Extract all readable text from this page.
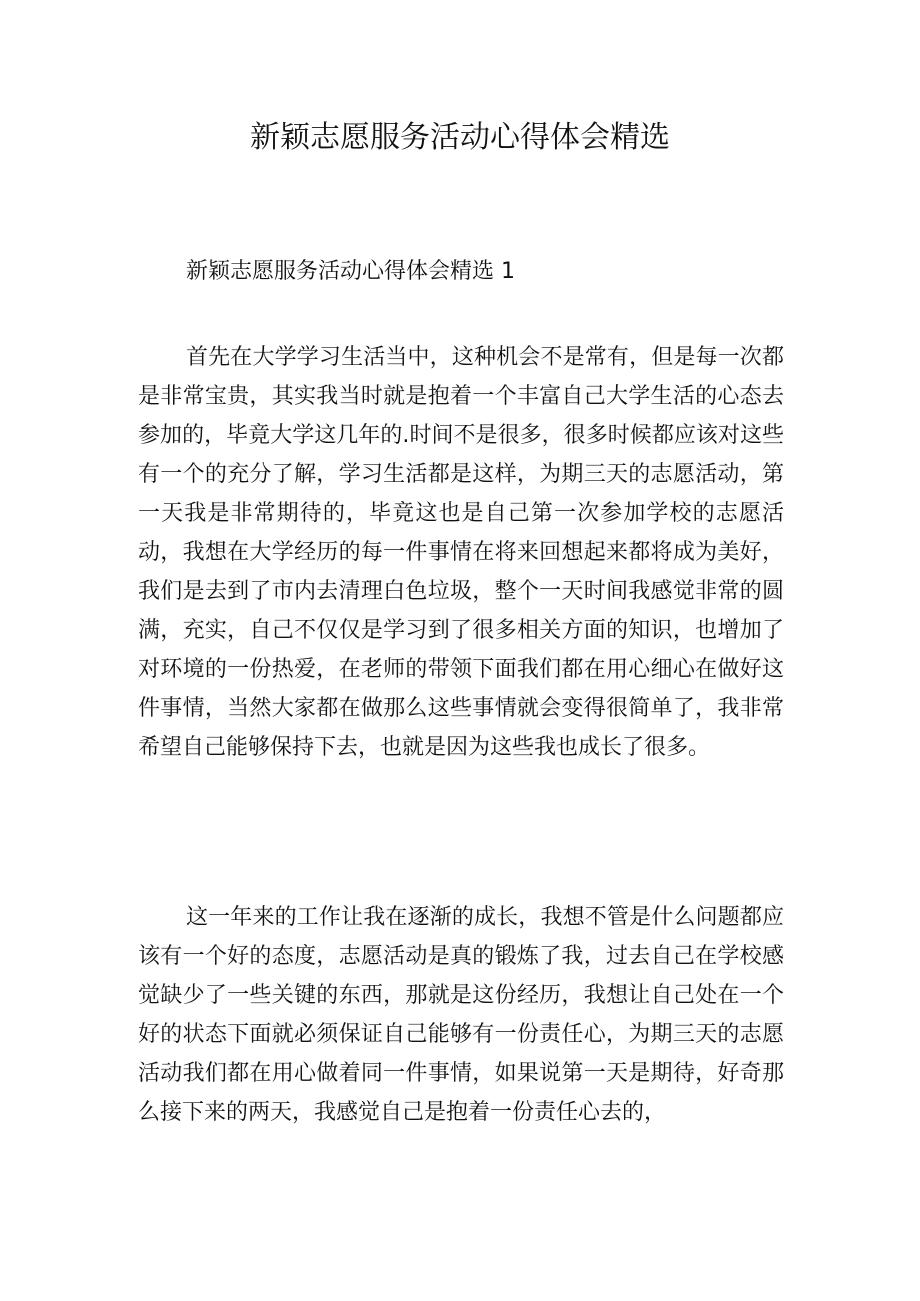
新颖志愿服务活动心得体会精选
新颖志愿服务活动心得体会精选 1

首先在大学学习生活当中，这种机会不是常有，但是每一次都是非常宝贵，其实我当时就是抱着一个丰富自己大学生活的心态去参加的，毕竟大学这几年的.时间不是很多，很多时候都应该对这些有一个的充分了解，学习生活都是这样，为期三天的志愿活动，第一天我是非常期待的，毕竟这也是自己第一次参加学校的志愿活动，我想在大学经历的每一件事情在将来回想起来都将成为美好，我们是去到了市内去清理白色垃圾，整个一天时间我感觉非常的圆满，充实，自己不仅仅是学习到了很多相关方面的知识，也增加了对环境的一份热爱，在老师的带领下面我们都在用心细心在做好这件事情，当然大家都在做那么这些事情就会变得很简单了，我非常希望自己能够保持下去，也就是因为这些我也成长了很多。

这一年来的工作让我在逐渐的成长，我想不管是什么问题都应该有一个好的态度，志愿活动是真的锻炼了我，过去自己在学校感觉缺少了一些关键的东西，那就是这份经历，我想让自己处在一个好的状态下面就必须保证自己能够有一份责任心，为期三天的志愿活动我们都在用心做着同一件事情，如果说第一天是期待，好奇那么接下来的两天，我感觉自己是抱着一份责任心去的，
